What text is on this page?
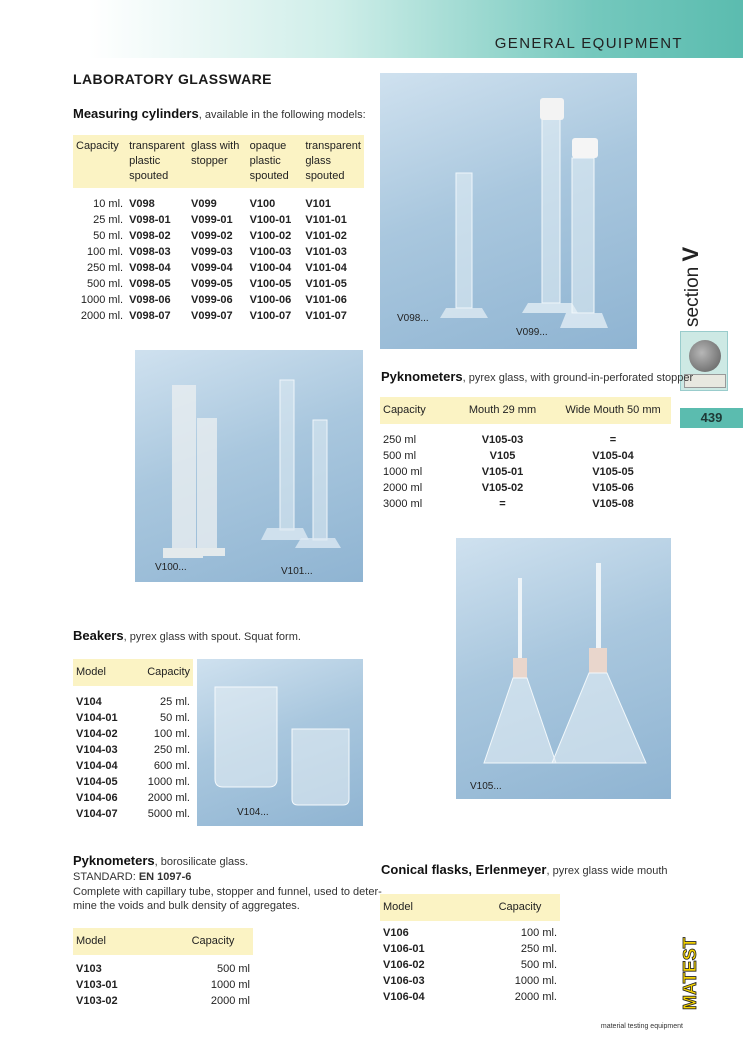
GENERAL EQUIPMENT
section V
439
LABORATORY GLASSWARE
Measuring cylinders, available in the following models:
Capacity	transparent plastic spouted	glass with stopper	opaque plastic spouted	transparent glass spouted

10 ml.	V098	V099	V100	V101
25 ml.	V098-01	V099-01	V100-01	V101-01
50 ml.	V098-02	V099-02	V100-02	V101-02
100 ml.	V098-03	V099-03	V100-03	V101-03
250 ml.	V098-04	V099-04	V100-04	V101-04
500 ml.	V098-05	V099-05	V100-05	V101-05
1000 ml.	V098-06	V099-06	V100-06	V101-06
2000 ml.	V098-07	V099-07	V100-07	V101-07	V098...
V099...
V100...	V101...
Pyknometers, pyrex glass, with ground-in-perforated stopper
Capacity	Mouth 29 mm	Wide Mouth 50 mm

250 ml	V105-03	=
500 ml	V105	V105-04
1000 ml	V105-01	V105-05
2000 ml	V105-02	V105-06
3000 ml	=	V105-08
V105...
Beakers, pyrex glass with spout. Squat form.
Model	Capacity

V104	25 ml.
V104-01	50 ml.
V104-02	100 ml.
V104-03	250 ml.
V104-04	600 ml.
V104-05	1000 ml.
V104-06	2000 ml.
V104-07	5000 ml.	V104...
Pyknometers, borosilicate glass.
STANDARD: EN 1097-6
Complete with capillary tube, stopper and funnel, used to deter-
mine the voids and bulk density of aggregates.
Model	Capacity

V103	500 ml
V103-01	1000 ml
V103-02	2000 ml
Conical flasks, Erlenmeyer, pyrex glass wide mouth
Model	Capacity

V106	100 ml.
V106-01	250 ml.
V106-02	500 ml.
V106-03	1000 ml.
V106-04	2000 ml.	MATEST
material testing equipment
